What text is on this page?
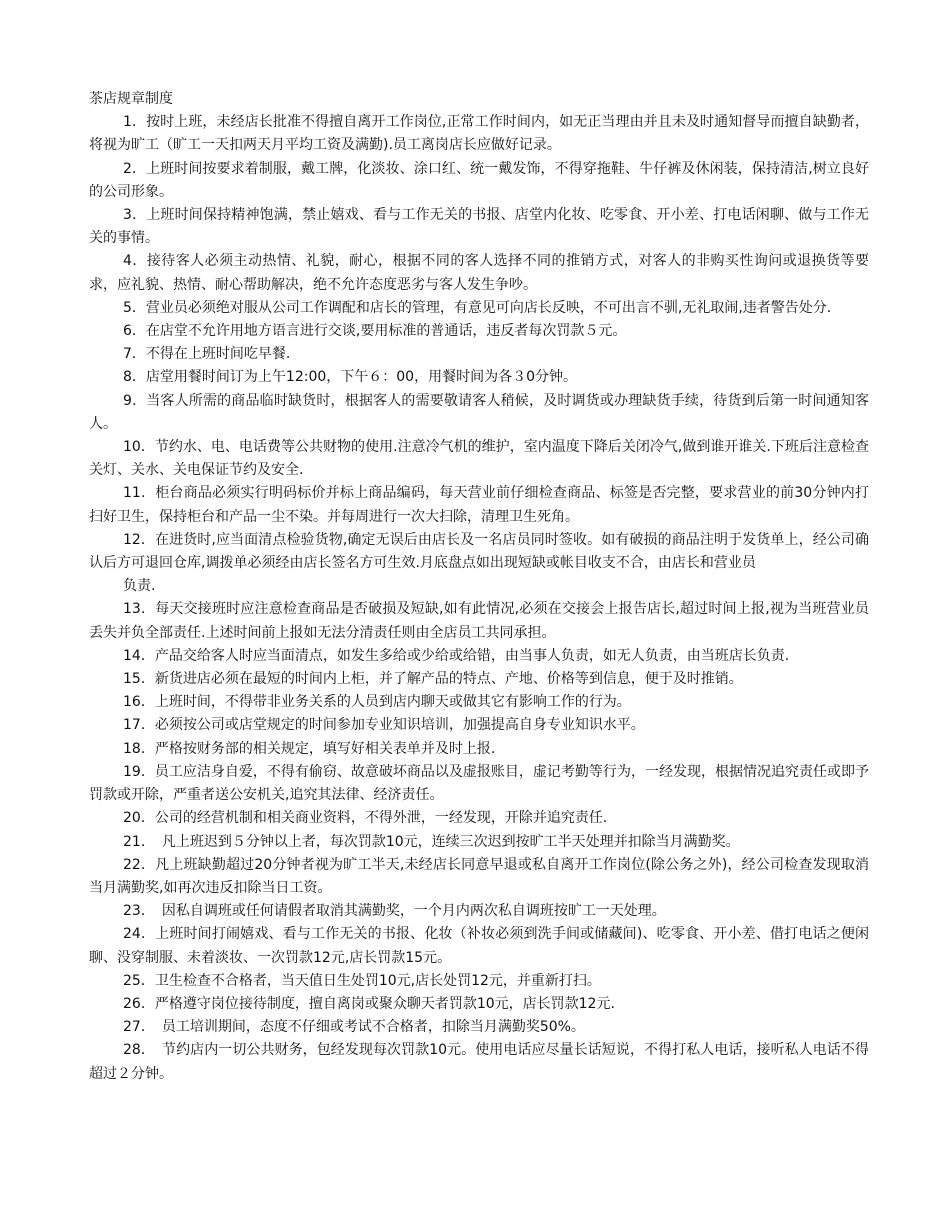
茶店规章制度

1．按时上班，未经店长批准不得擅自离开工作岗位,正常工作时间内，如无正当理由并且未及时通知督导而擅自缺勤者，将视为旷工（旷工一天扣两天月平均工资及满勤).员工离岗店长应做好记录。

2．上班时间按要求着制服，戴工牌，化淡妆、涂口红、统一戴发饰，不得穿拖鞋、牛仔裤及休闲装，保持清洁,树立良好的公司形象。

3．上班时间保持精神饱满，禁止嬉戏、看与工作无关的书报、店堂内化妆、吃零食、开小差、打电话闲聊、做与工作无关的事情。

4．接待客人必须主动热情、礼貌，耐心，根据不同的客人选择不同的推销方式，对客人的非购买性询问或退换货等要求，应礼貌、热情、耐心帮助解决，绝不允许态度恶劣与客人发生争吵。

5．营业员必须绝对服从公司工作调配和店长的管理，有意见可向店长反映，不可出言不驯,无礼取闹,违者警告处分.

6．在店堂不允许用地方语言进行交谈,要用标准的普通话，违反者每次罚款５元。

7．不得在上班时间吃早餐.

8．店堂用餐时间订为上午12:00，下午６：00，用餐时间为各３0分钟。

9．当客人所需的商品临时缺货时，根据客人的需要敬请客人稍候，及时调货或办理缺货手续，待货到后第一时间通知客人。

10．节约水、电、电话费等公共财物的使用.注意冷气机的维护，室内温度下降后关闭冷气,做到谁开谁关.下班后注意检查关灯、关水、关电保证节约及安全.

11．柜台商品必须实行明码标价并标上商品编码，每天营业前仔细检查商品、标签是否完整，要求营业的前30分钟内打扫好卫生，保持柜台和产品一尘不染。并每周进行一次大扫除，清理卫生死角。

12．在进货时,应当面清点检验货物,确定无误后由店长及一名店员同时签收。如有破损的商品注明于发货单上，经公司确认后方可退回仓库,调拨单必须经由店长签名方可生效.月底盘点如出现短缺或帐目收支不合，由店长和营业员

负责.

13．每天交接班时应注意检查商品是否破损及短缺,如有此情况,必须在交接会上报告店长,超过时间上报,视为当班营业员丢失并负全部责任.上述时间前上报如无法分清责任则由全店员工共同承担。

14．产品交给客人时应当面清点，如发生多给或少给或给错，由当事人负责，如无人负责，由当班店长负责.

15．新货进店必须在最短的时间内上柜，并了解产品的特点、产地、价格等到信息，便于及时推销。

16．上班时间，不得带非业务关系的人员到店内聊天或做其它有影响工作的行为。

17．必须按公司或店堂规定的时间参加专业知识培训，加强提高自身专业知识水平。

18．严格按财务部的相关规定，填写好相关表单并及时上报.

19．员工应洁身自爱，不得有偷窃、故意破坏商品以及虚报账目，虚记考勤等行为，一经发现，根据情况追究责任或即予罚款或开除，严重者送公安机关,追究其法律、经济责任。

20．公司的经营机制和相关商业资料，不得外泄，一经发现，开除并追究责任.

21．　凡上班迟到５分钟以上者，每次罚款10元，连续三次迟到按旷工半天处理并扣除当月满勤奖。

22．凡上班缺勤超过20分钟者视为旷工半天,未经店长同意早退或私自离开工作岗位(除公务之外)，经公司检查发现取消当月满勤奖,如再次违反扣除当日工资。

23．　因私自调班或任何请假者取消其满勤奖，一个月内两次私自调班按旷工一天处理。

24．上班时间打闹嬉戏、看与工作无关的书报、化妆（补妆必须到洗手间或储藏间)、吃零食、开小差、借打电话之便闲聊、没穿制服、未着淡妆、一次罚款12元,店长罚款15元。

25．卫生检查不合格者，当天值日生处罚10元,店长处罚12元，并重新打扫。

26．严格遵守岗位接待制度，擅自离岗或聚众聊天者罚款10元，店长罚款12元.

27．　员工培训期间，态度不仔细或考试不合格者，扣除当月满勤奖50%。

28．　节约店内一切公共财务，包经发现每次罚款10元。使用电话应尽量长话短说，不得打私人电话，接听私人电话不得超过２分钟。
